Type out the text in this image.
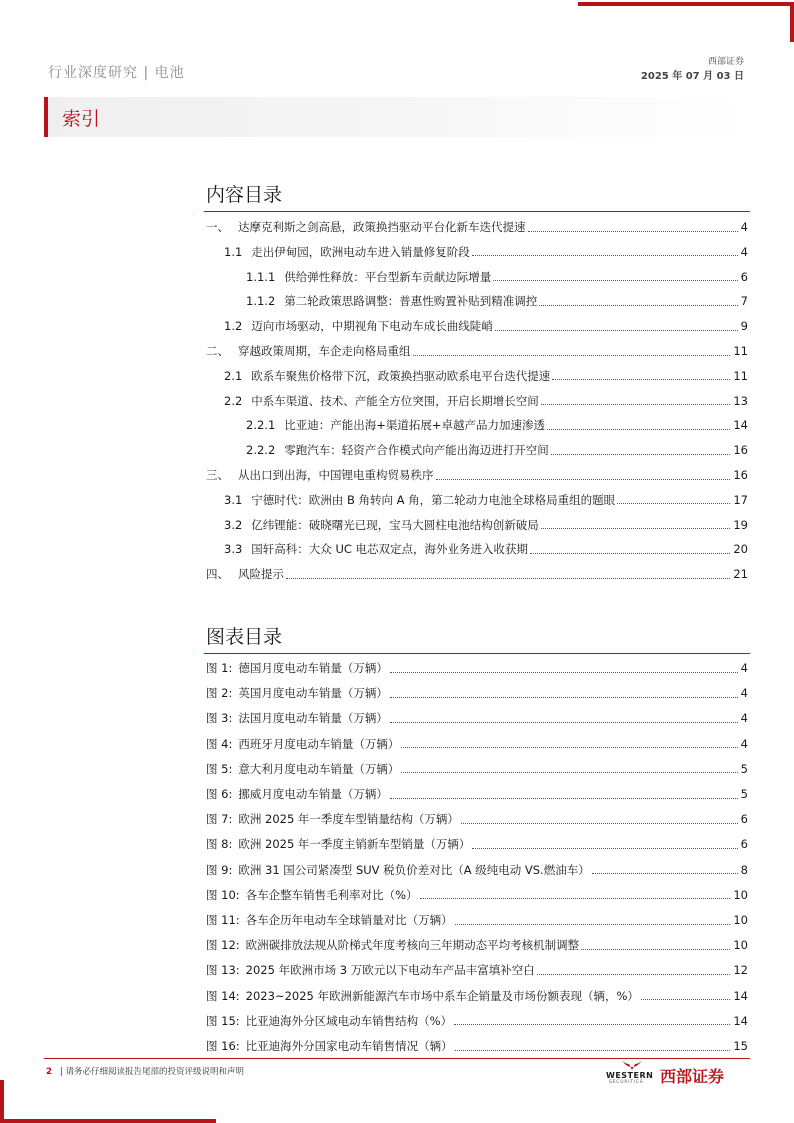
行业深度研究 | 电池
西部证券
2025 年 07 月 03 日
索引
内容目录
一、 达摩克利斯之剑高悬，政策换挡驱动平台化新车迭代提速	4
1.1 走出伊甸园，欧洲电动车进入销量修复阶段	4
1.1.1 供给弹性释放：平台型新车贡献边际增量	6
1.1.2 第二轮政策思路调整：普惠性购置补贴到精准调控	7
1.2 迈向市场驱动，中期视角下电动车成长曲线陡峭	9
二、 穿越政策周期，车企走向格局重组	11
2.1 欧系车聚焦价格带下沉，政策换挡驱动欧系电平台迭代提速	11
2.2 中系车渠道、技术、产能全方位突围，开启长期增长空间	13
2.2.1 比亚迪：产能出海+渠道拓展+卓越产品力加速渗透	14
2.2.2 零跑汽车：轻资产合作模式向产能出海迈进打开空间	16
三、 从出口到出海，中国锂电重构贸易秩序	16
3.1 宁德时代：欧洲由 B 角转向 A 角，第二轮动力电池全球格局重组的题眼	17
3.2 亿纬锂能：破晓曙光已现，宝马大圆柱电池结构创新破局	19
3.3 国轩高科：大众 UC 电芯双定点，海外业务进入收获期	20
四、 风险提示	21
图表目录
图 1: 德国月度电动车销量（万辆）	4
图 2: 英国月度电动车销量（万辆）	4
图 3: 法国月度电动车销量（万辆）	4
图 4: 西班牙月度电动车销量（万辆）	4
图 5: 意大利月度电动车销量（万辆）	5
图 6: 挪威月度电动车销量（万辆）	5
图 7: 欧洲 2025 年一季度车型销量结构（万辆）	6
图 8: 欧洲 2025 年一季度主销新车型销量（万辆）	6
图 9: 欧洲 31 国公司紧凑型 SUV 税负价差对比（A 级纯电动 VS.燃油车）	8
图 10: 各车企整车销售毛利率对比（%）	10
图 11: 各车企历年电动车全球销量对比（万辆）	10
图 12: 欧洲碳排放法规从阶梯式年度考核向三年期动态平均考核机制调整	10
图 13: 2025 年欧洲市场 3 万欧元以下电动车产品丰富填补空白	12
图 14: 2023~2025 年欧洲新能源汽车市场中系车企销量及市场份额表现（辆，%）	14
图 15: 比亚迪海外分区域电动车销售结构（%）	14
图 16: 比亚迪海外分国家电动车销售情况（辆）	15
2 | 请务必仔细阅读报告尾部的投资评级说明和声明	WESTERN
SECURITIES 西部证券
